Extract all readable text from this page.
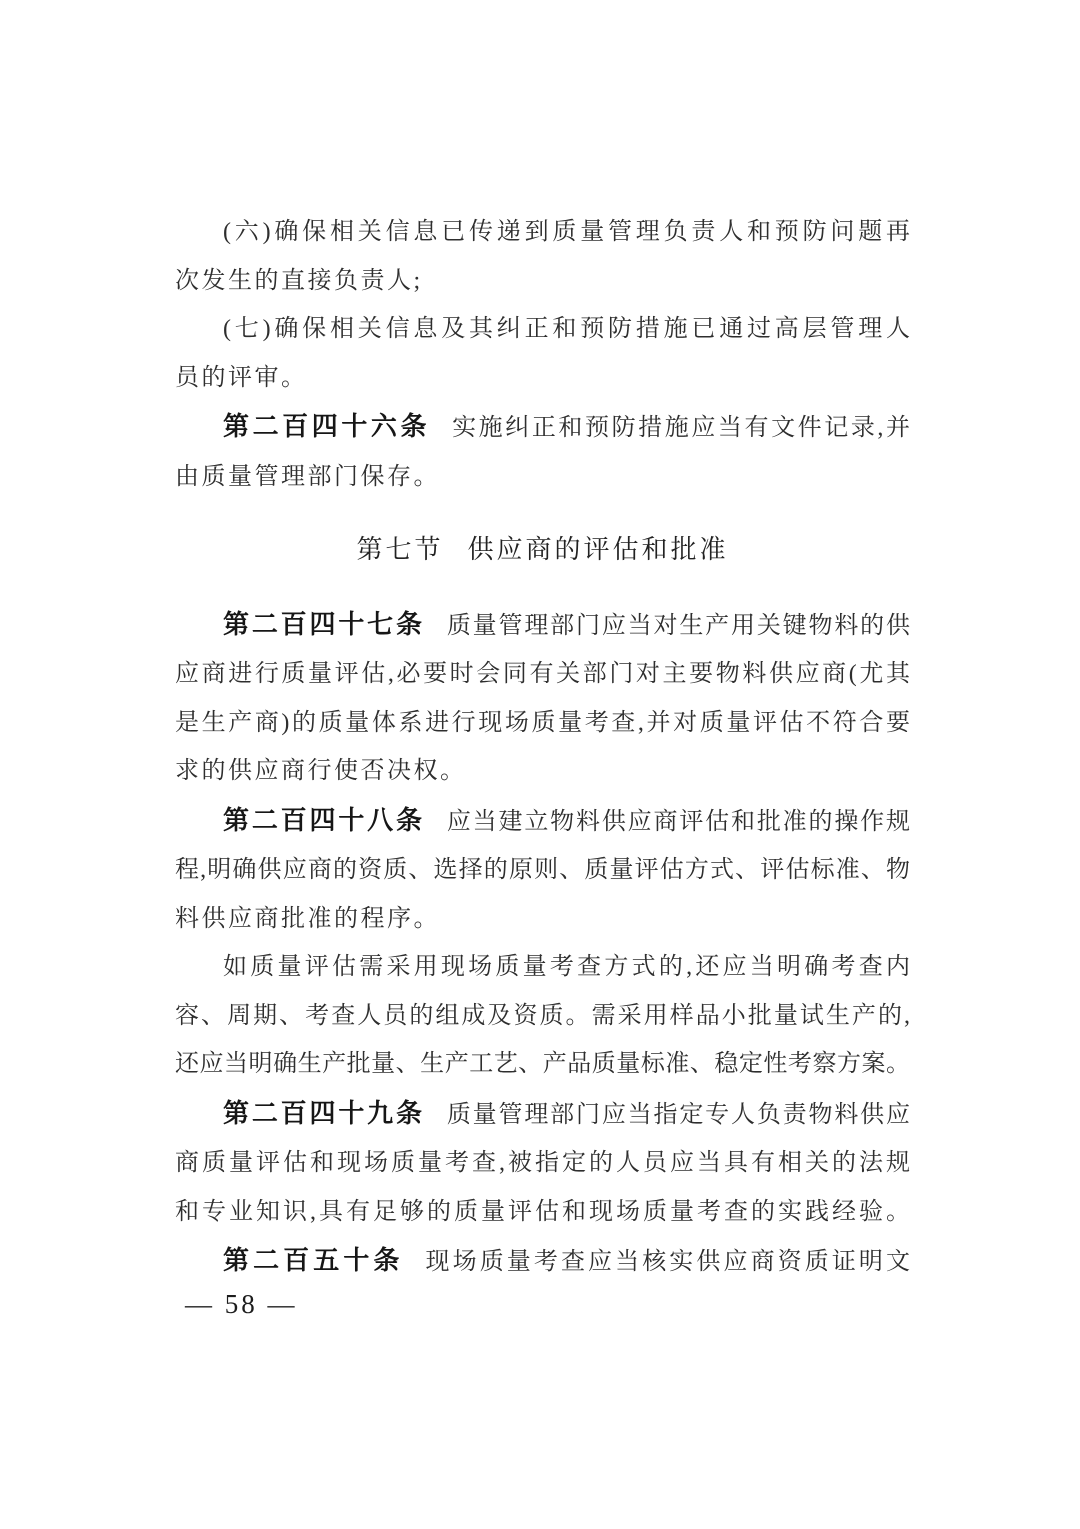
(六)确保相关信息已传递到质量管理负责人和预防问题再
次发生的直接负责人;
(七)确保相关信息及其纠正和预防措施已通过高层管理人
员的评审。
第二百四十六条 实施纠正和预防措施应当有文件记录,并
由质量管理部门保存。
第七节 供应商的评估和批准
第二百四十七条 质量管理部门应当对生产用关键物料的供
应商进行质量评估,必要时会同有关部门对主要物料供应商(尤其
是生产商)的质量体系进行现场质量考查,并对质量评估不符合要
求的供应商行使否决权。
第二百四十八条 应当建立物料供应商评估和批准的操作规
程,明确供应商的资质、选择的原则、质量评估方式、评估标准、物
料供应商批准的程序。
如质量评估需采用现场质量考查方式的,还应当明确考查内
容、周期、考查人员的组成及资质。需采用样品小批量试生产的,
还应当明确生产批量、生产工艺、产品质量标准、稳定性考察方案。
第二百四十九条 质量管理部门应当指定专人负责物料供应
商质量评估和现场质量考查,被指定的人员应当具有相关的法规
和专业知识,具有足够的质量评估和现场质量考查的实践经验。
第二百五十条 现场质量考查应当核实供应商资质证明文
— 58 —
